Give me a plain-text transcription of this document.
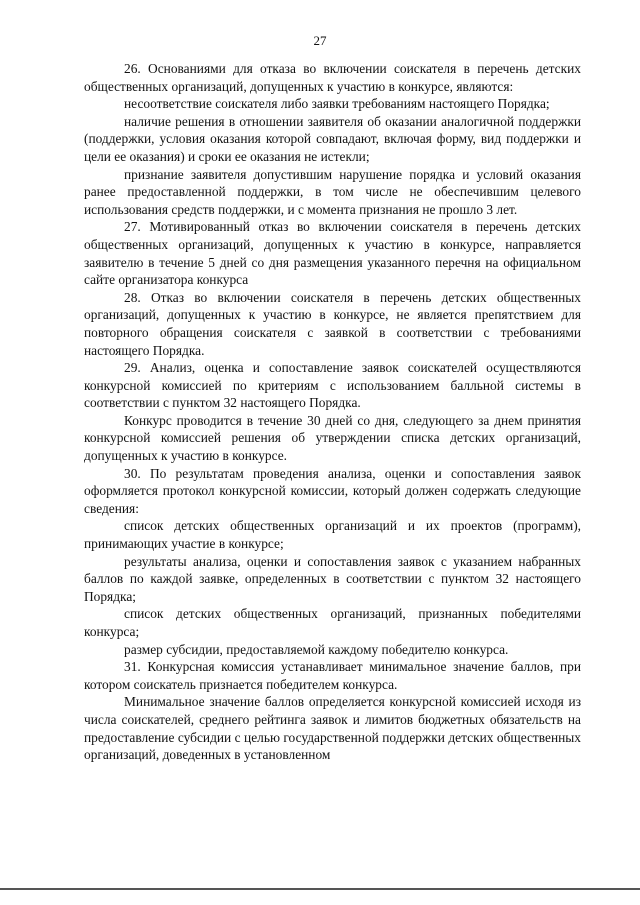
27

26. Основаниями для отказа во включении соискателя в перечень детских общественных организаций, допущенных к участию в конкурсе, являются:

несоответствие соискателя либо заявки требованиям настоящего Порядка;

наличие решения в отношении заявителя об оказании аналогичной поддержки (поддержки, условия оказания которой совпадают, включая форму, вид поддержки и цели ее оказания) и сроки ее оказания не истекли;

признание заявителя допустившим нарушение порядка и условий оказания ранее предоставленной поддержки, в том числе не обеспечившим целевого использования средств поддержки, и с момента признания не прошло 3 лет.

27. Мотивированный отказ во включении соискателя в перечень детских общественных организаций, допущенных к участию в конкурсе, направляется заявителю в течение 5 дней со дня размещения указанного перечня на официальном сайте организатора конкурса

28. Отказ во включении соискателя в перечень детских общественных организаций, допущенных к участию в конкурсе, не является препятствием для повторного обращения соискателя с заявкой в соответствии с требованиями настоящего Порядка.

29. Анализ, оценка и сопоставление заявок соискателей осуществляются конкурсной комиссией по критериям с использованием балльной системы в соответствии с пунктом 32 настоящего Порядка.

Конкурс проводится в течение 30 дней со дня, следующего за днем принятия конкурсной комиссией решения об утверждении списка детских организаций, допущенных к участию в конкурсе.

30. По результатам проведения анализа, оценки и сопоставления заявок оформляется протокол конкурсной комиссии, который должен содержать следующие сведения:

список детских общественных организаций и их проектов (программ), принимающих участие в конкурсе;

результаты анализа, оценки и сопоставления заявок с указанием набранных баллов по каждой заявке, определенных в соответствии с пунктом 32 настоящего Порядка;

список детских общественных организаций, признанных победителями конкурса;

размер субсидии, предоставляемой каждому победителю конкурса.

31. Конкурсная комиссия устанавливает минимальное значение баллов, при котором соискатель признается победителем конкурса.

Минимальное значение баллов определяется конкурсной комиссией исходя из числа соискателей, среднего рейтинга заявок и лимитов бюджетных обязательств на предоставление субсидии с целью государственной поддержки детских общественных организаций, доведенных в установленном
